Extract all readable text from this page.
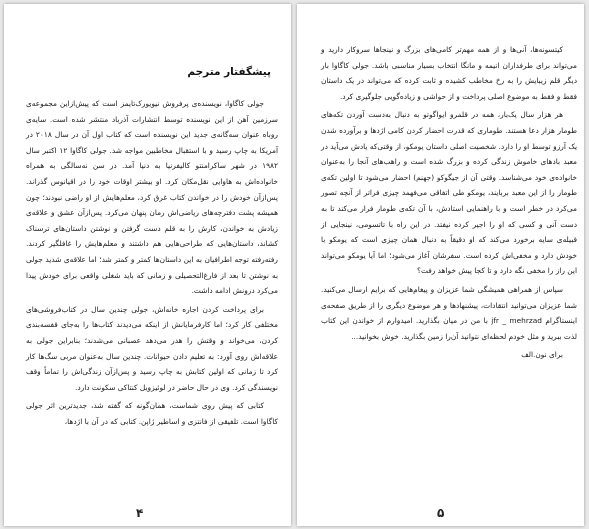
پیشگفتار مترجم

جولی کاگاوا، نویسنده‌ی پرفروش نیویورک‌تایمز است که پیش‌ازاین مجموعه‌ی سرزمین آهن از این نویسنده توسط انتشارات آذرباد منتشر شده است. سایه‌ی روباه عنوان سه‌گانه‌ی جدید این نویسنده است که کتاب اول آن در سال ۲۰۱۸ در آمریکا به چاپ رسید و با استقبال مخاطبین مواجه شد. جولی کاگاوا ۱۲ اکتبر سال ۱۹۸۲ در شهر ساکرامنتو کالیفرنیا به دنیا آمد. در سن نه‌سالگی به همراه خانواده‌اش به هاوایی نقل‌مکان کرد. او بیشتر اوقات خود را در اقیانوس گذراند. پس‌ازآن خودش را در خواندن کتاب غرق کرد، معلم‌هایش از او راضی نبودند؛ چون همیشه پشت دفترچه‌های ریاضی‌اش رمان پنهان می‌کرد. پس‌ازآن عشق و علاقه‌ی زیادش به خواندن، کارش را به قلم دست گرفتن و نوشتن داستان‌های ترسناک کشاند، داستان‌هایی که طراحی‌هایی هم داشتند و معلم‌هایش را غافلگیر کردند. رفته‌رفته توجه اطرافیان به این داستان‌ها کمتر و کمتر شد؛ اما علاقه‌ی شدید جولی به نوشتن تا بعد از فارغ‌التحصیلی و زمانی که باید شغلی واقعی برای خودش پیدا می‌کرد درونش ادامه داشت.

برای پرداخت کردن اجاره خانه‌اش، جولی چندین سال در کتاب‌فروشی‌های مختلفی کار کرد؛ اما کارفرمایانش از اینکه می‌دیدند کتاب‌ها را به‌جای قفسه‌بندی کردن، می‌خواند و وقتش را هدر می‌دهد عصبانی می‌شدند؛ بنابراین جولی به علاقه‌اش روی آورد: به تعلیم دادن حیوانات. چندین سال به‌عنوان مربی سگ‌ها کار کرد تا زمانی که اولین کتابش به چاپ رسید و پس‌ازآن زندگی‌اش را تماماً وقف نویسندگی کرد. وی در حال حاضر در لوئیزویل کنتاکی سکونت دارد.

کتابی که پیش روی شماست، همان‌گونه که گفته شد، جدیدترین اثر جولی کاگاوا است. تلفیقی از فانتزی و اساطیر ژاپن. کتابی که در آن با اژدها،

۴

کیتسونه‌ها، آنی‌ها و از همه مهم‌تر کامی‌های بزرگ و نینجاها سروکار دارید و می‌تواند برای طرفداران انیمه و مانگا انتخاب بسیار مناسبی باشد. جولی کاگاوا بار دیگر قلم زیبایش را به رخ مخاطب کشیده و ثابت کرده که می‌تواند در یک داستان فقط و فقط به موضوع اصلی پرداخت و از حواشی و زیاده‌گویی جلوگیری کرد.

هر هزار سال یک‌بار، همه در قلمرو ایواگوتو به دنبال به‌دست آوردن تکه‌های طومار هزار دعا هستند. طوماری که قدرت احضار کردن کامی اژدها و برآورده شدن یک آرزو توسط او را دارد. شخصیت اصلی داستان یومکو، از وقتی‌که یادش می‌آید در معبد بادهای خاموش زندگی کرده و بزرگ شده است و راهب‌های آنجا را به‌عنوان خانواده‌ی خود می‌شناسد. وقتی آن از جیگوکو (جهنم) احضار می‌شود تا اولین تکه‌ی طومار را از این معبد بربایند، یومکو طی اتفاقی می‌فهمد چیزی فراتر از آنچه تصور می‌کرد در خطر است و با راهنمایی استادش، با آن تکه‌ی طومار فرار می‌کند تا به دست آنی و کسی که او را اجیر کرده نیفتد. در این راه با تاتسومی، نینجایی از قبیله‌ی سایه برخورد می‌کند که او دقیقاً به دنبال همان چیزی است که یومکو با خودش دارد و مخفی‌اش کرده است. سفرشان آغاز می‌شود؛ اما آیا یومکو می‌تواند این راز را مخفی نگه دارد و تا کجا پیش خواهد رفت؟

سپاس از همراهی همیشگی شما عزیزان و پیغام‌هایی که برایم ارسال می‌کنید. شما عزیزان می‌توانید انتقادات، پیشنهادها و هر موضوع دیگری را از طریق صفحه‌ی اینستاگرام jfr _ mehrzad با من در میان بگذارید. امیدوارم از خواندن این کتاب لذت ببرید و مثل خودم لحظه‌ای نتوانید آن‌را زمین بگذارید. خوش بخوانید...

برای نون.الف

۵
